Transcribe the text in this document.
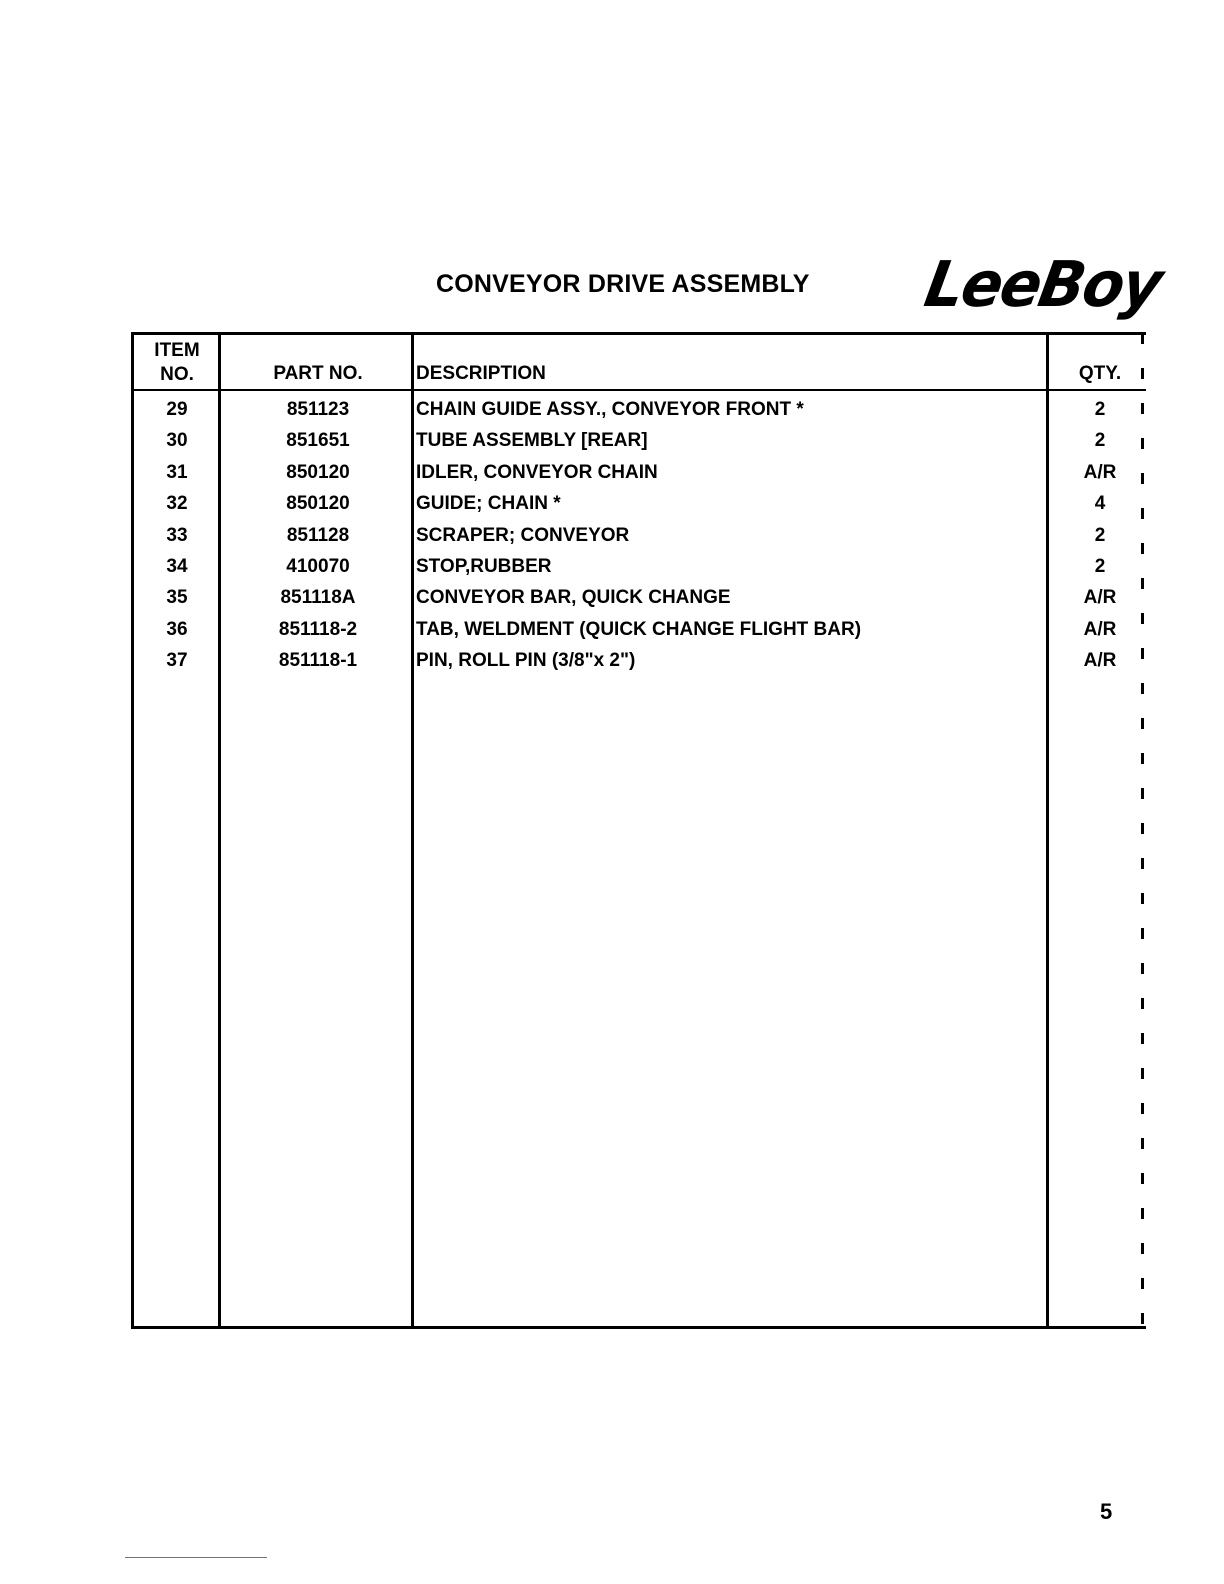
CONVEYOR DRIVE ASSEMBLY LeeBoy
ITEM
NO.	PART NO.	DESCRIPTION	QTY.
29	851123	CHAIN GUIDE ASSY., CONVEYOR FRONT *	2
30	851651	TUBE ASSEMBLY [REAR]	2
31	850120	IDLER, CONVEYOR CHAIN	A/R
32	850120	GUIDE; CHAIN *	4
33	851128	SCRAPER; CONVEYOR	2
34	410070	STOP,RUBBER	2
35	851118A	CONVEYOR BAR, QUICK CHANGE	A/R
36	851118-2	TAB, WELDMENT (QUICK CHANGE FLIGHT BAR)	A/R
37	851118-1	PIN, ROLL PIN (3/8"x 2")	A/R
5
